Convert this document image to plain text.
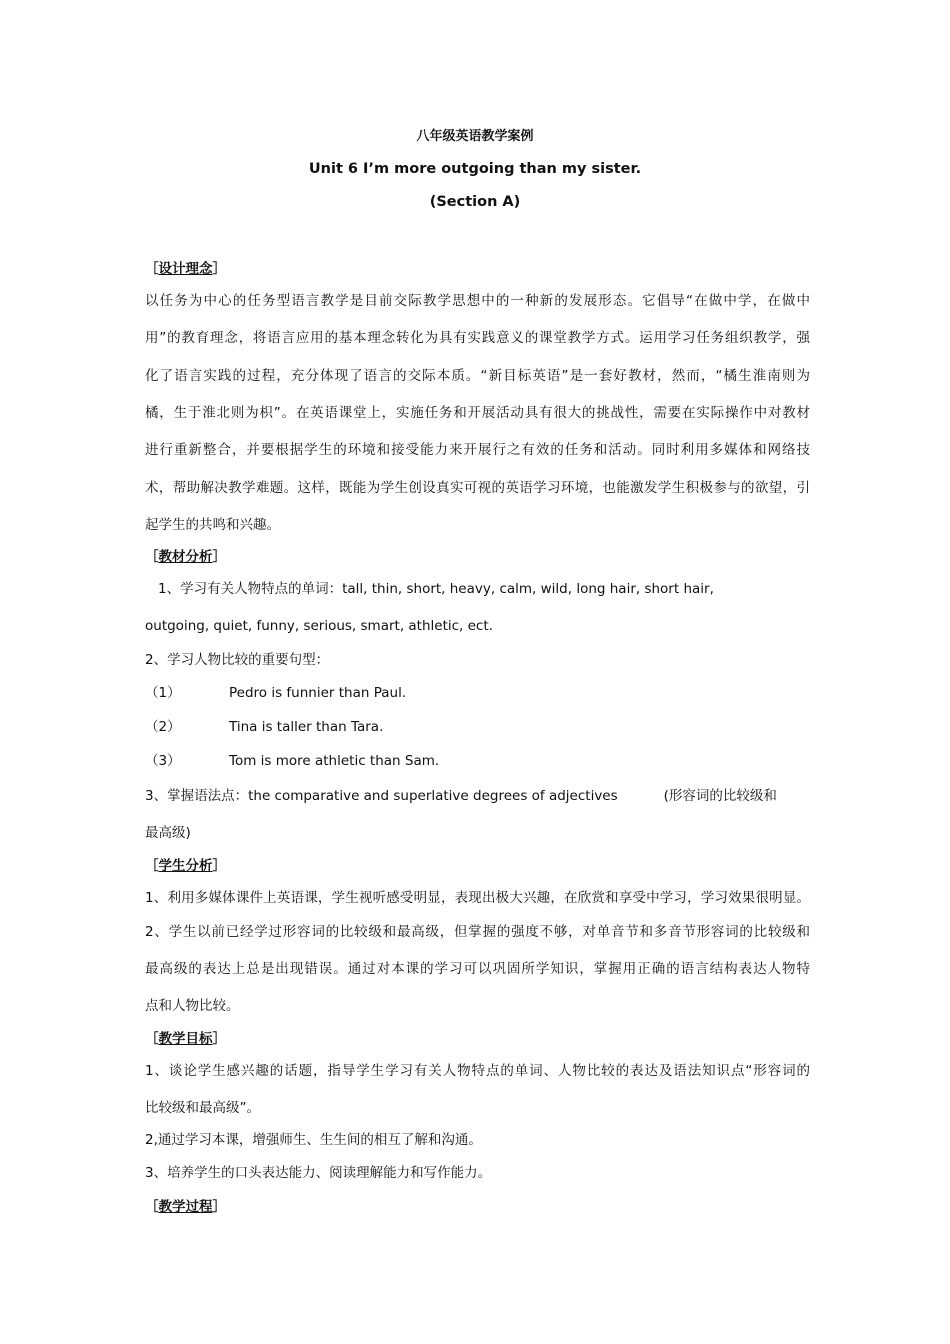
八年级英语教学案例
Unit 6 I’m more outgoing than my sister.
(Section A)
［设计理念］
以任务为中心的任务型语言教学是目前交际教学思想中的一种新的发展形态。它倡导“在做中学，在做中
用”的教育理念，将语言应用的基本理念转化为具有实践意义的课堂教学方式。运用学习任务组织教学，强
化了语言实践的过程，充分体现了语言的交际本质。“新目标英语”是一套好教材，然而，“橘生淮南则为
橘，生于淮北则为枳”。在英语课堂上，实施任务和开展活动具有很大的挑战性，需要在实际操作中对教材
进行重新整合，并要根据学生的环境和接受能力来开展行之有效的任务和活动。同时利用多媒体和网络技
术，帮助解决教学难题。这样，既能为学生创设真实可视的英语学习环境，也能激发学生积极参与的欲望，引
起学生的共鸣和兴趣。
［教材分析］
1、学习有关人物特点的单词：tall, thin, short, heavy, calm, wild, long hair, short hair,
outgoing, quiet, funny, serious, smart, athletic, ect.
2、学习人物比较的重要句型：
（1）	Pedro is funnier than Paul.
（2）	Tina is taller than Tara.
（3）	Tom is more athletic than Sam.
3、掌握语法点：the comparative and superlative degrees of adjectives	(形容词的比较级和
最高级)
［学生分析］
1、利用多媒体课件上英语课，学生视听感受明显，表现出极大兴趣，在欣赏和享受中学习，学习效果很明显。
2、学生以前已经学过形容词的比较级和最高级，但掌握的强度不够，对单音节和多音节形容词的比较级和
最高级的表达上总是出现错误。通过对本课的学习可以巩固所学知识，掌握用正确的语言结构表达人物特
点和人物比较。
［教学目标］
1、谈论学生感兴趣的话题，指导学生学习有关人物特点的单词、人物比较的表达及语法知识点“形容词的
比较级和最高级”。
2,通过学习本课，增强师生、生生间的相互了解和沟通。
3、培养学生的口头表达能力、阅读理解能力和写作能力。
［教学过程］
